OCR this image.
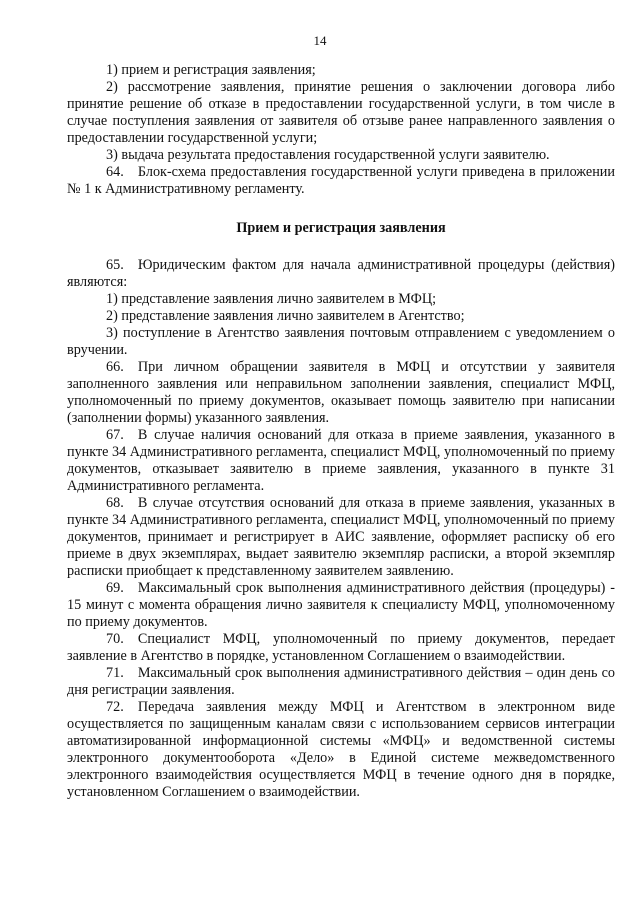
14

1) прием и регистрация заявления;

2) рассмотрение заявления, принятие решения о заключении договора либо принятие решение об отказе в предоставлении государственной услуги, в том числе в случае поступления заявления от заявителя об отзыве ранее направленного заявления о предоставлении государственной услуги;

3) выдача результата предоставления государственной услуги заявителю.

64. Блок-схема предоставления государственной услуги приведена в приложении № 1 к Административному регламенту.

Прием и регистрация заявления

65. Юридическим фактом для начала административной процедуры (действия) являются:

1) представление заявления лично заявителем в МФЦ;

2) представление заявления лично заявителем в Агентство;

3) поступление в Агентство заявления почтовым отправлением с уведомлением о вручении.

66. При личном обращении заявителя в МФЦ и отсутствии у заявителя заполненного заявления или неправильном заполнении заявления, специалист МФЦ, уполномоченный по приему документов, оказывает помощь заявителю при написании (заполнении формы) указанного заявления.

67. В случае наличия оснований для отказа в приеме заявления, указанного в пункте 34 Административного регламента, специалист МФЦ, уполномоченный по приему документов, отказывает заявителю в приеме заявления, указанного в пункте 31 Административного регламента.

68. В случае отсутствия оснований для отказа в приеме заявления, указанных в пункте 34 Административного регламента, специалист МФЦ, уполномоченный по приему документов, принимает и регистрирует в АИС заявление, оформляет расписку об его приеме в двух экземплярах, выдает заявителю экземпляр расписки, а второй экземпляр расписки приобщает к представленному заявителем заявлению.

69. Максимальный срок выполнения административного действия (процедуры) - 15 минут с момента обращения лично заявителя к специалисту МФЦ, уполномоченному по приему документов.

70. Специалист МФЦ, уполномоченный по приему документов, передает заявление в Агентство в порядке, установленном Соглашением о взаимодействии.

71. Максимальный срок выполнения административного действия – один день со дня регистрации заявления.

72. Передача заявления между МФЦ и Агентством в электронном виде осуществляется по защищенным каналам связи с использованием сервисов интеграции автоматизированной информационной системы «МФЦ» и ведомственной системы электронного документооборота «Дело» в Единой системе межведомственного электронного взаимодействия осуществляется МФЦ в течение одного дня в порядке, установленном Соглашением о взаимодействии.
